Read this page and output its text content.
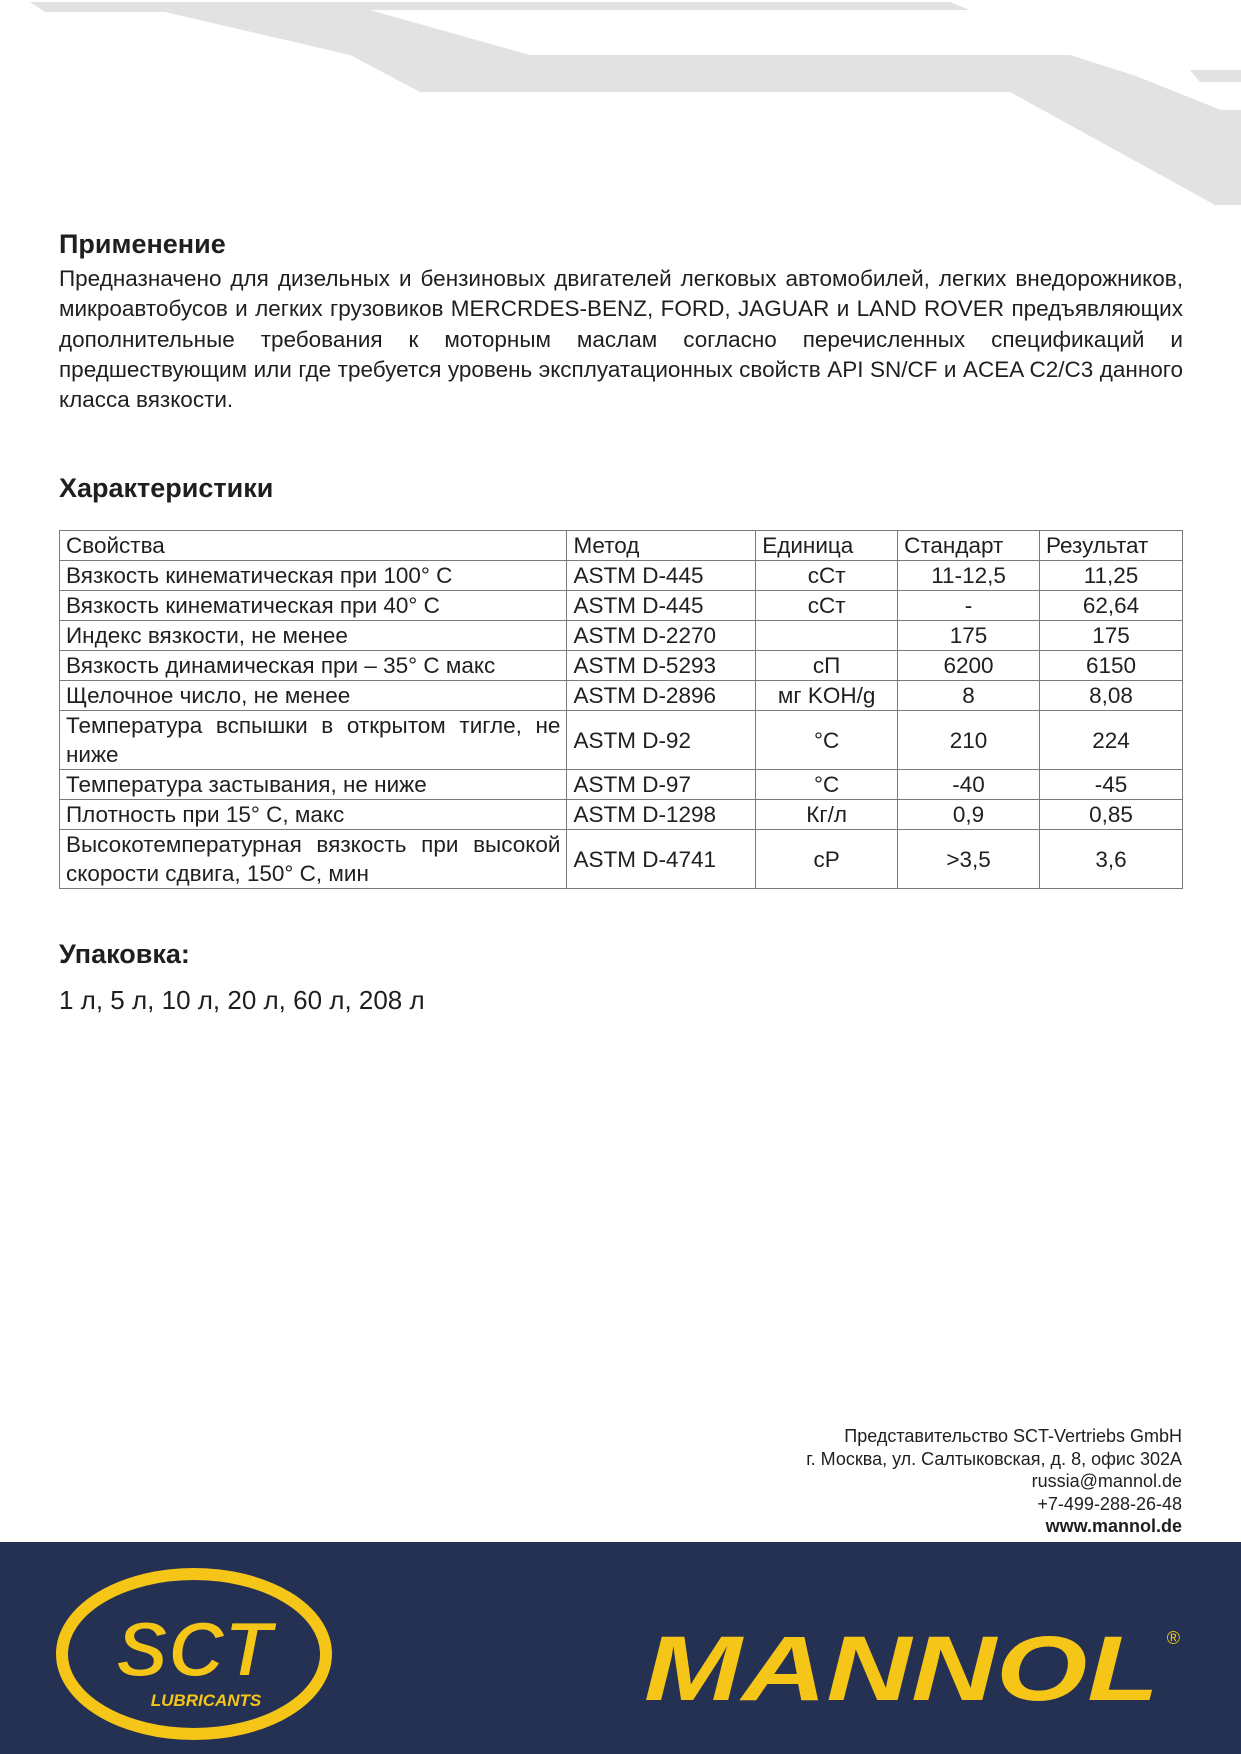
Применение

Предназначено для дизельных и бензиновых двигателей легковых автомобилей, легких внедорожников, микроавтобусов и легких грузовиков MERCRDES-BENZ, FORD, JAGUAR и LAND ROVER предъявляющих дополнительные требования к моторным маслам согласно перечисленных спецификаций и предшествующим или где требуется уровень эксплуатационных свойств API SN/CF и ACEA C2/C3 данного класса вязкости.

Характеристики
Свойства	Метод	Единица	Стандарт	Результат
Вязкость кинематическая при 100° C	ASTM D-445	сСт	11-12,5	11,25
Вязкость кинематическая при 40° C	ASTM D-445	сСт	-	62,64
Индекс вязкости, не менее	ASTM D-2270		175	175
Вязкость динамическая при – 35° C макс	ASTM D-5293	сП	6200	6150
Щелочное число, не менее	ASTM D-2896	мг KOH/g	8	8,08
Температура вспышки в открытом тигле, не ниже	ASTM D-92	°C	210	224
Температура застывания, не ниже	ASTM D-97	°C	-40	-45
Плотность при 15° C, макс	ASTM D-1298	Кг/л	0,9	0,85
Высокотемпературная вязкость при высокой скорости сдвига, 150° C, мин	ASTM D-4741	cP	>3,5	3,6
Упаковка:
1 л, 5 л, 10 л, 20 л, 60 л, 208 л
Представительство SCT-Vertriebs GmbH
г. Москва, ул. Салтыковская, д. 8, офис 302А
russia@mannol.de
+7-499-288-26-48
www.mannol.de
SCT
LUBRICANTS	MANNOL ®
